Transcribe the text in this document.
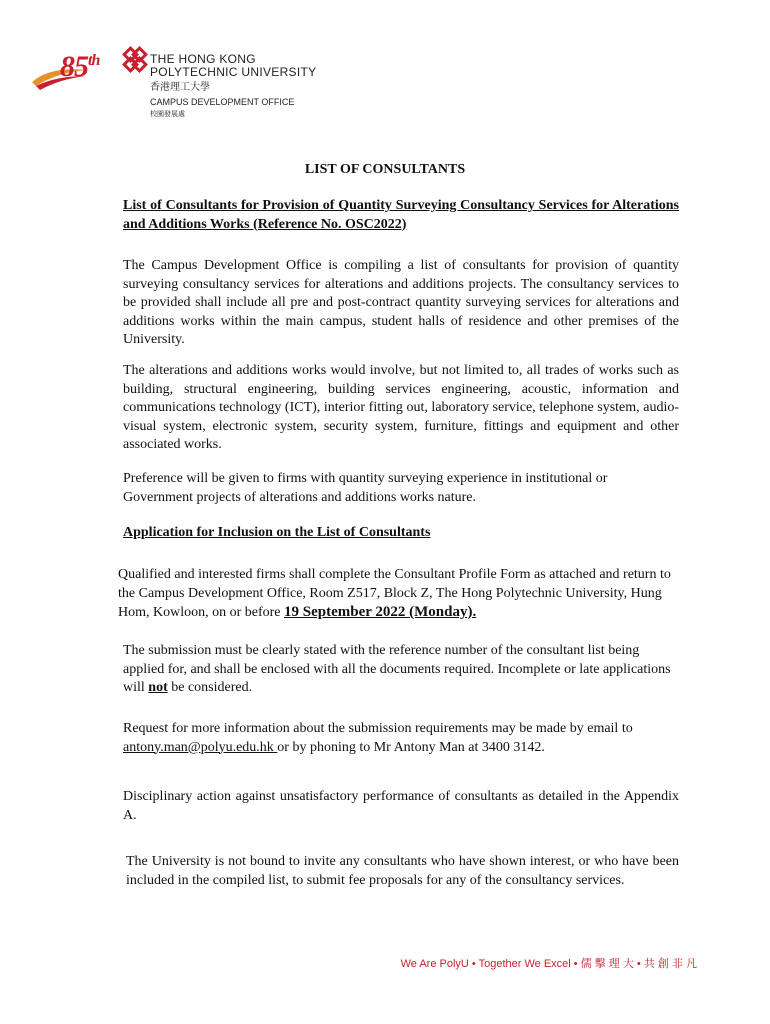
85th	THE HONG KONG
POLYTECHNIC UNIVERSITY
香港理工大學
CAMPUS DEVELOPMENT OFFICE
校園發展處
LIST OF CONSULTANTS
List of Consultants for Provision of Quantity Surveying Consultancy Services for Alterations and Additions Works (Reference No. OSC2022)
The Campus Development Office is compiling a list of consultants for provision of quantity surveying consultancy services for alterations and additions projects. The consultancy services to be provided shall include all pre and post-contract quantity surveying services for alterations and additions works within the main campus, student halls of residence and other premises of the University.
The alterations and additions works would involve, but not limited to, all trades of works such as building, structural engineering, building services engineering, acoustic, information and communications technology (ICT), interior fitting out, laboratory service, telephone system, audio-visual system, electronic system, security system, furniture, fittings and equipment and other associated works.
Preference will be given to firms with quantity surveying experience in institutional or Government projects of alterations and additions works nature.
Application for Inclusion on the List of Consultants
Qualified and interested firms shall complete the Consultant Profile Form as attached and return to the Campus Development Office, Room Z517, Block Z, The Hong Polytechnic University, Hung Hom, Kowloon, on or before 19 September 2022 (Monday).
The submission must be clearly stated with the reference number of the consultant list being applied for, and shall be enclosed with all the documents required. Incomplete or late applications will not be considered.
Request for more information about the submission requirements may be made by email to antony.man@polyu.edu.hk or by phoning to Mr Antony Man at 3400 3142.
Disciplinary action against unsatisfactory performance of consultants as detailed in the Appendix A.
The University is not bound to invite any consultants who have shown interest, or who have been included in the compiled list, to submit fee proposals for any of the consultancy services.
We Are PolyU • Together We Excel • 儒 擊 理 大 • 共 創 非 凡
